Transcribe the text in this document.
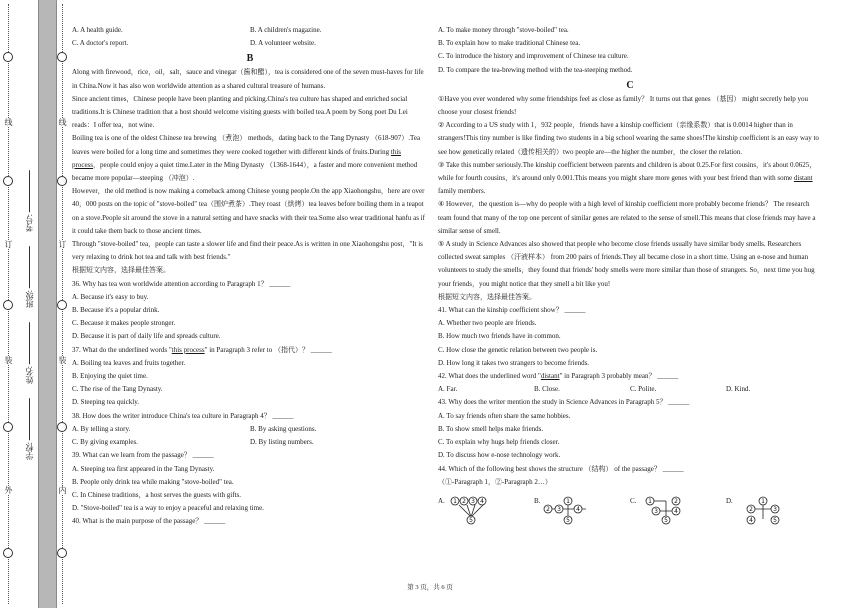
线
订
装
外
学校:
姓名:
班级:
考号:
线
订
装
内
A. A health guide.	B. A children's magazine.
C. A doctor's report.	D. A volunteer website.
B

Along with firewood，rice，oil，salt，sauce and vinegar（酱和醋），tea is considered one of the seven must-haves for life in China.Now it has also won worldwide attention as a shared cultural treasure of humans.

Since ancient times，Chinese people have been planting and picking.China's tea culture has shaped and enriched social traditions.It is Chinese tradition that a host should welcome visiting guests with boiled tea.A poem by Song poet Du Lei reads：I offer tea，not wine.

Boiling tea is one of the oldest Chinese tea brewing （煮泡） methods，dating back to the Tang Dynasty （618-907）.Tea leaves were boiled for a long time and sometimes they were cooked together with different kinds of fruits.During this process，people could enjoy a quiet time.Later in the Ming Dynasty （1368-1644），a faster and more convenient method became more popular—steeping （冲泡）.

However，the old method is now making a comeback among Chinese young people.On the app Xiaohongshu，here are over 40，000 posts on the topic of "stove-boiled" tea（围炉煮茶）.They roast（烘烤）tea leaves before boiling them in a teapot on a stove.People sit around the stove in a natural setting and have snacks with their tea.Some also wear traditional hanfu as if it could take them back to those ancient times.

Through "stove-boiled" tea，people can taste a slower life and find their peace.As is written in one Xiaohongshu post，"It is very relaxing to drink hot tea and talk with best friends."

根据短文内容，选择最佳答案。
36. Why has tea won worldwide attention according to Paragraph 1？ ______
A. Because it's easy to buy.
B. Because it's a popular drink.
C. Because it makes people stronger.
D. Because it is part of daily life and spreads culture.
37. What do the underlined words "this process" in Paragraph 3 refer to （指代）？ ______
A. Boiling tea leaves and fruits together.
B. Enjoying the quiet time.
C. The rise of the Tang Dynasty.
D. Steeping tea quickly.
38. How does the writer introduce China's tea culture in Paragraph 4？ ______
A. By telling a story.	B. By asking questions.
C. By giving examples.	D. By listing numbers.
39. What can we learn from the passage？ ______
A. Steeping tea first appeared in the Tang Dynasty.
B. People only drink tea while making "stove-boiled" tea.
C. In Chinese traditions，a host serves the guests with gifts.
D. "Stove-boiled" tea is a way to enjoy a peaceful and relaxing time.
40. What is the main purpose of the passage？ ______
A. To make money through "stove-boiled" tea.
B. To explain how to make traditional Chinese tea.
C. To introduce the history and improvement of Chinese tea culture.
D. To compare the tea-brewing method with the tea-steeping method.
C

①Have you ever wondered why some friendships feel as close as family？ It turns out that genes （基因） might secretly help you choose your closest friends!

② According to a US study with 1，932 people，friends have a kinship coefficient（亲缘系数）that is 0.0014 higher than in strangers!This tiny number is like finding two students in a big school wearing the same shoes!The kinship coefficient is an easy way to see how genetically related（遗传相关的）two people are—the higher the number，the closer the relation.

③ Take this number seriously.The kinship coefficient between parents and children is about 0.25.For first cousins，it's about 0.0625，while for fourth cousins，it's around only 0.001.This means you might share more genes with your best friend than with some distant family members.

④ However，the question is—why do people with a high level of kinship coefficient more probably become friends？ The research team found that many of the top one percent of similar genes are related to the sense of smell.This means that close friends may have a similar sense of smell.

⑤ A study in Science Advances also showed that people who become close friends usually have similar body smells. Researchers collected sweat samples （汗液样本） from 200 pairs of friends.They all became close in a short time. Using an e-nose and human volunteers to study the smells，they found that friends' body smells were more similar than those of strangers. So，next time you hug your friends，you might notice that they smell a bit like you!

根据短文内容，选择最佳答案。
41. What can the kinship coefficient show？ ______
A. Whether two people are friends.
B. How much two friends have in common.
C. How close the genetic relation between two people is.
D. How long it takes two strangers to become friends.
42. What does the underlined word "distant" in Paragraph 3 probably mean？ ______
A. Far.	B. Close.	C. Polite.	D. Kind.
43. Why does the writer mention the study in Science Advances in Paragraph 5？ ______
A. To say friends often share the same hobbies.
B. To show smell helps make friends.
C. To explain why hugs help friends closer.
D. To discuss how e-nose technology work.
44. Which of the following best shows the structure （结构） of the passage？ ______
（①-Paragraph 1，②-Paragraph 2…）
A. 1 2 3 4
5
B.	1
2 3	4
5
C. 1	2
3	4
5
D.	1
2	3
4	5
第 3 页，共 6 页
